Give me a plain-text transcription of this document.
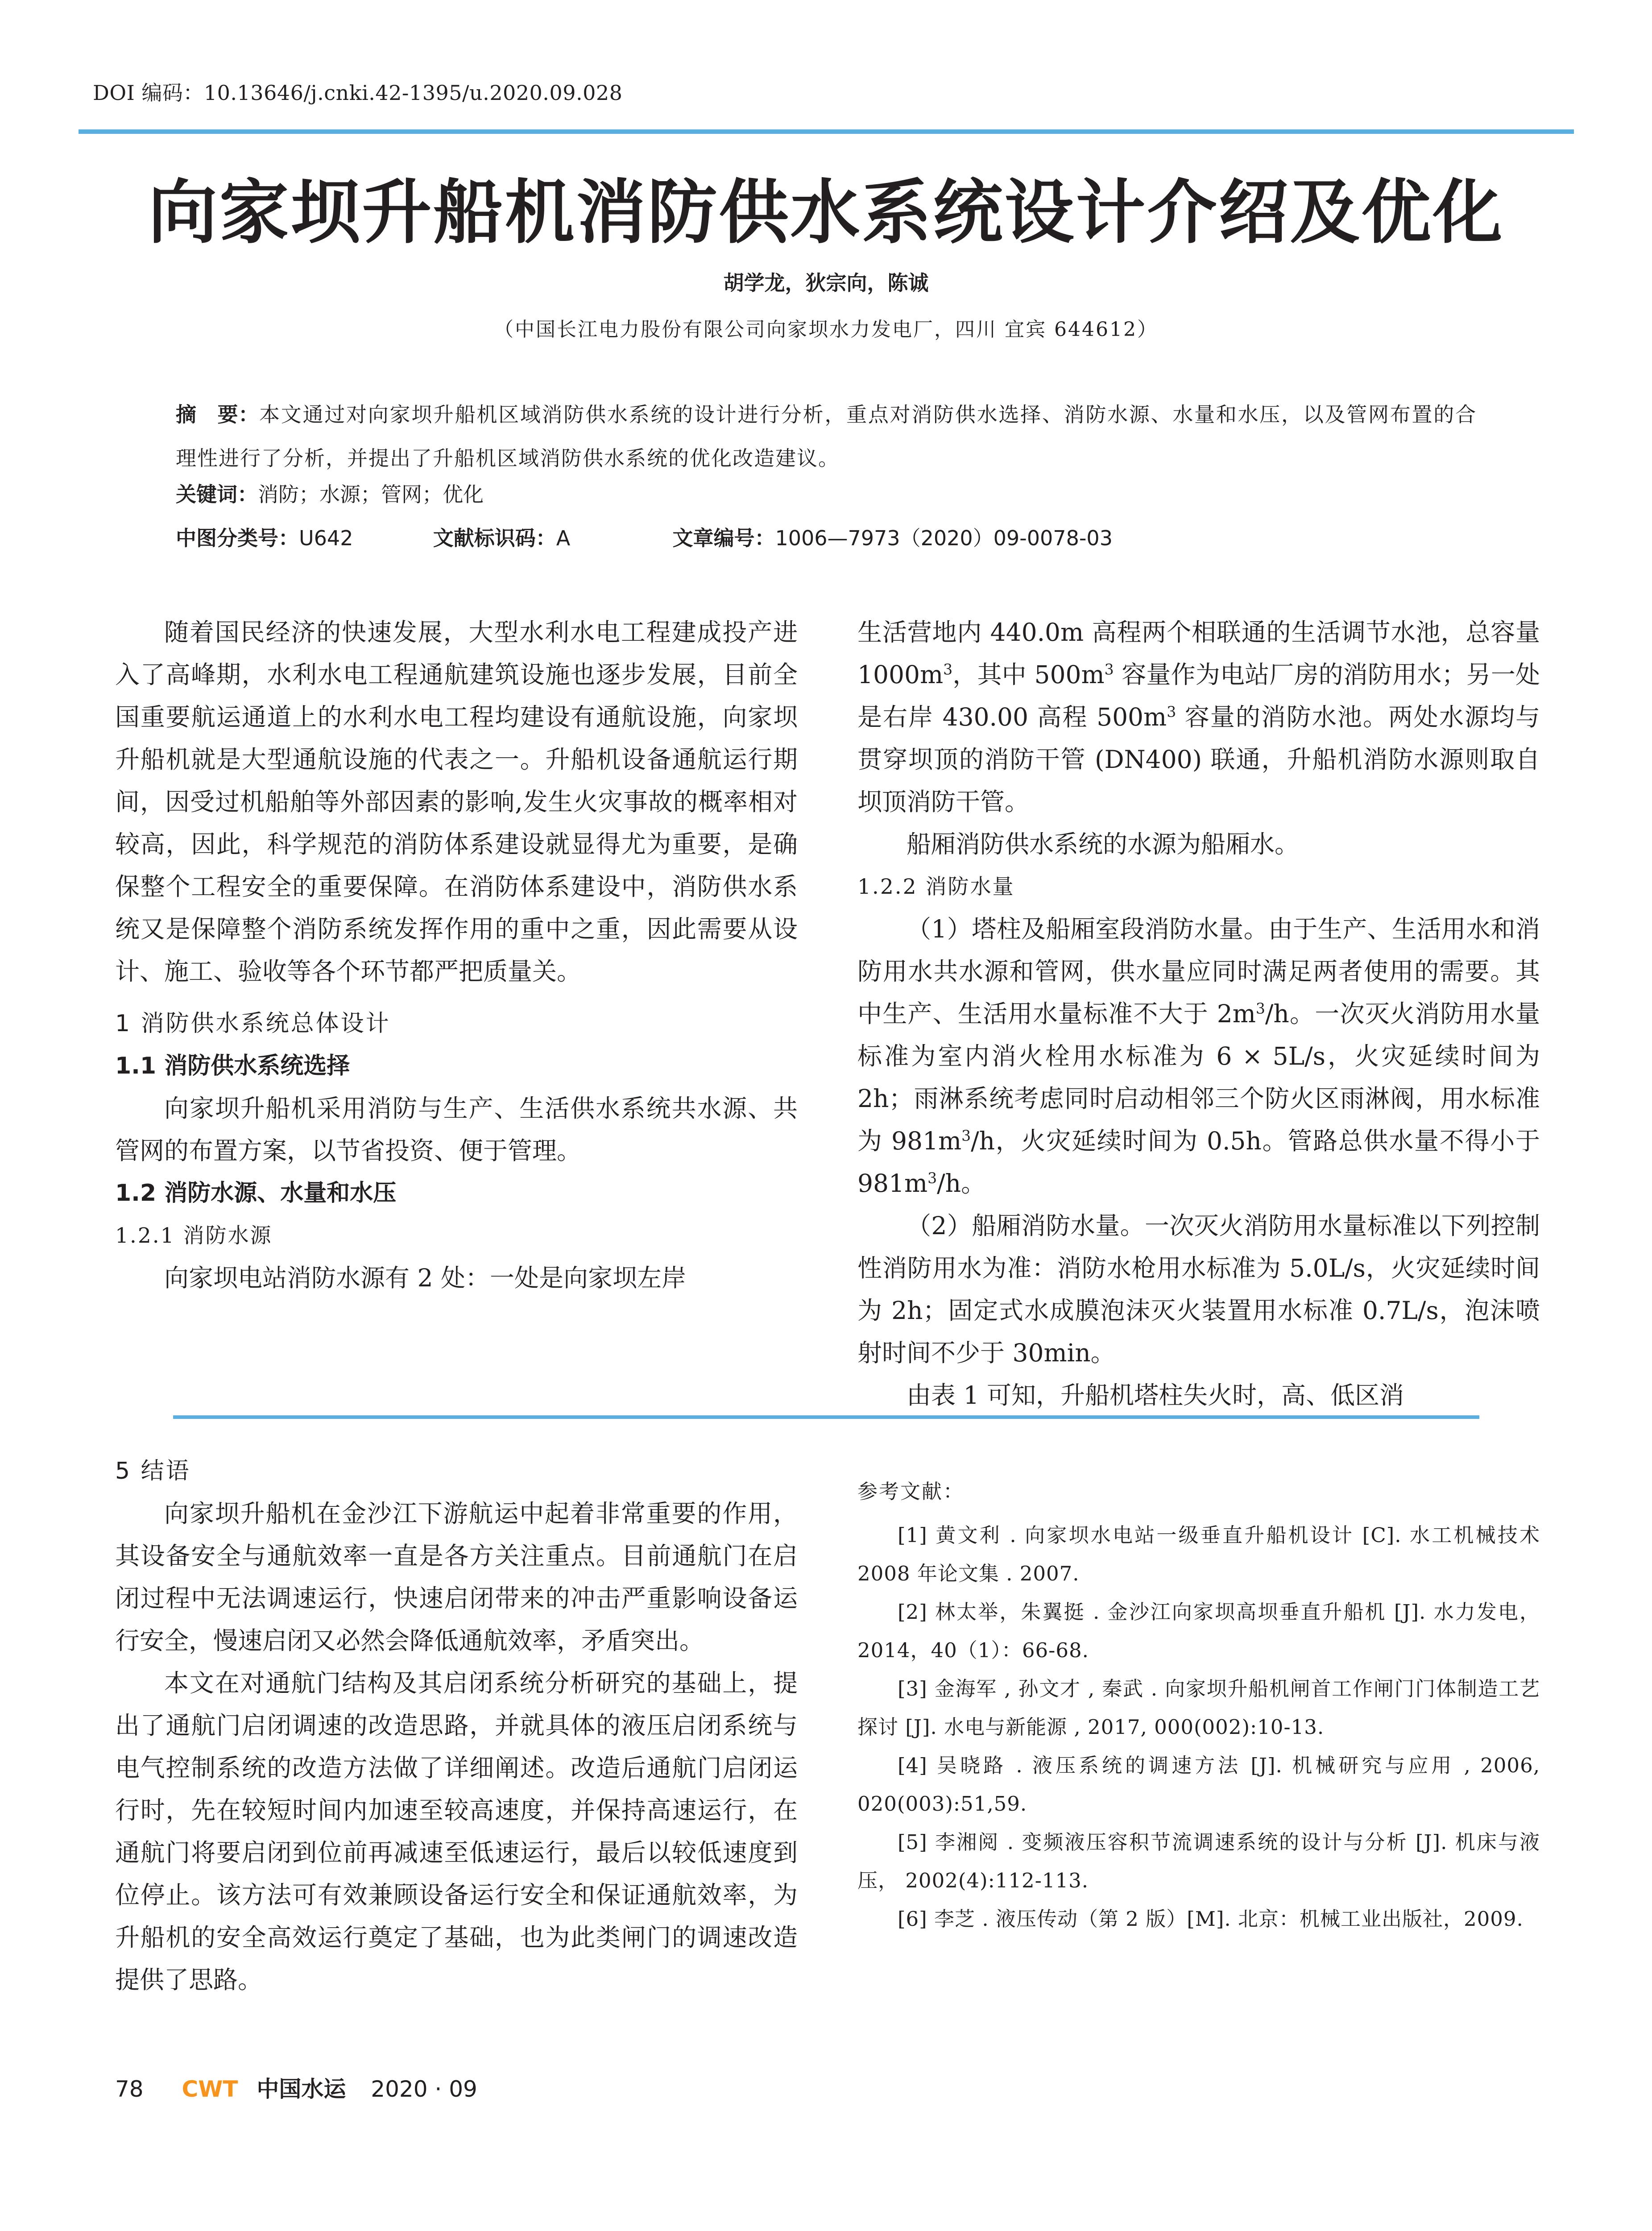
DOI 编码：10.13646/j.cnki.42-1395/u.2020.09.028
向家坝升船机消防供水系统设计介绍及优化
胡学龙，狄宗向，陈诚
（中国长江电力股份有限公司向家坝水力发电厂，四川 宜宾 644612）
摘　要：本文通过对向家坝升船机区域消防供水系统的设计进行分析，重点对消防供水选择、消防水源、水量和水压，以及管网布置的合理性进行了分析，并提出了升船机区域消防供水系统的优化改造建议。
关键词：消防；水源；管网；优化
中图分类号：U642	文献标识码：A	文章编号：1006—7973（2020）09-0078-03

随着国民经济的快速发展，大型水利水电工程建成投产进入了高峰期，水利水电工程通航建筑设施也逐步发展，目前全国重要航运通道上的水利水电工程均建设有通航设施，向家坝升船机就是大型通航设施的代表之一。升船机设备通航运行期间，因受过机船舶等外部因素的影响,发生火灾事故的概率相对较高，因此，科学规范的消防体系建设就显得尤为重要，是确保整个工程安全的重要保障。在消防体系建设中，消防供水系统又是保障整个消防系统发挥作用的重中之重，因此需要从设计、施工、验收等各个环节都严把质量关。

1 消防供水系统总体设计

1.1 消防供水系统选择

向家坝升船机采用消防与生产、生活供水系统共水源、共管网的布置方案，以节省投资、便于管理。

1.2 消防水源、水量和水压

1.2.1 消防水源

向家坝电站消防水源有 2 处：一处是向家坝左岸

生活营地内 440.0m 高程两个相联通的生活调节水池，总容量 $1000m^3$，其中 $500m^3$ 容量作为电站厂房的消防用水；另一处是右岸 430.00 高程 $500m^3$ 容量的消防水池。两处水源均与贯穿坝顶的消防干管 (DN400) 联通，升船机消防水源则取自坝顶消防干管。

船厢消防供水系统的水源为船厢水。

1.2.2 消防水量

（1）塔柱及船厢室段消防水量。由于生产、生活用水和消防用水共水源和管网，供水量应同时满足两者使用的需要。其中生产、生活用水量标准不大于 $2m^3/h$。一次灭火消防用水量标准为室内消火栓用水标准为 6 × 5L/s，火灾延续时间为 2h；雨淋系统考虑同时启动相邻三个防火区雨淋阀，用水标准为 $981m^3/h$，火灾延续时间为 0.5h。管路总供水量不得小于 $981m^3/h$。

（2）船厢消防水量。一次灭火消防用水量标准以下列控制性消防用水为准：消防水枪用水标准为 5.0L/s，火灾延续时间为 2h；固定式水成膜泡沫灭火装置用水标准 0.7L/s，泡沫喷射时间不少于 30min。

由表 1 可知，升船机塔柱失火时，高、低区消

5 结语

向家坝升船机在金沙江下游航运中起着非常重要的作用，其设备安全与通航效率一直是各方关注重点。目前通航门在启闭过程中无法调速运行，快速启闭带来的冲击严重影响设备运行安全，慢速启闭又必然会降低通航效率，矛盾突出。

本文在对通航门结构及其启闭系统分析研究的基础上，提出了通航门启闭调速的改造思路，并就具体的液压启闭系统与电气控制系统的改造方法做了详细阐述。改造后通航门启闭运行时，先在较短时间内加速至较高速度，并保持高速运行，在通航门将要启闭到位前再减速至低速运行，最后以较低速度到位停止。该方法可有效兼顾设备运行安全和保证通航效率，为升船机的安全高效运行奠定了基础，也为此类闸门的调速改造提供了思路。

参考文献：

[1] 黄文利 . 向家坝水电站一级垂直升船机设计 [C]. 水工机械技术 2008 年论文集 . 2007.

[2] 林太举，朱翼挺 . 金沙江向家坝高坝垂直升船机 [J]. 水力发电，2014，40（1）：66-68.

[3] 金海军 , 孙文才 , 秦武 . 向家坝升船机闸首工作闸门门体制造工艺探讨 [J]. 水电与新能源 , 2017, 000(002):10-13.

[4] 吴晓路 . 液压系统的调速方法 [J]. 机械研究与应用 , 2006, 020(003):51,59.

[5] 李湘阅 . 变频液压容积节流调速系统的设计与分析 [J]. 机床与液压， 2002(4):112-113.

[6] 李芝 . 液压传动（第 2 版）[M]. 北京：机械工业出版社，2009.

78 CWT 中国水运 2020 · 09
